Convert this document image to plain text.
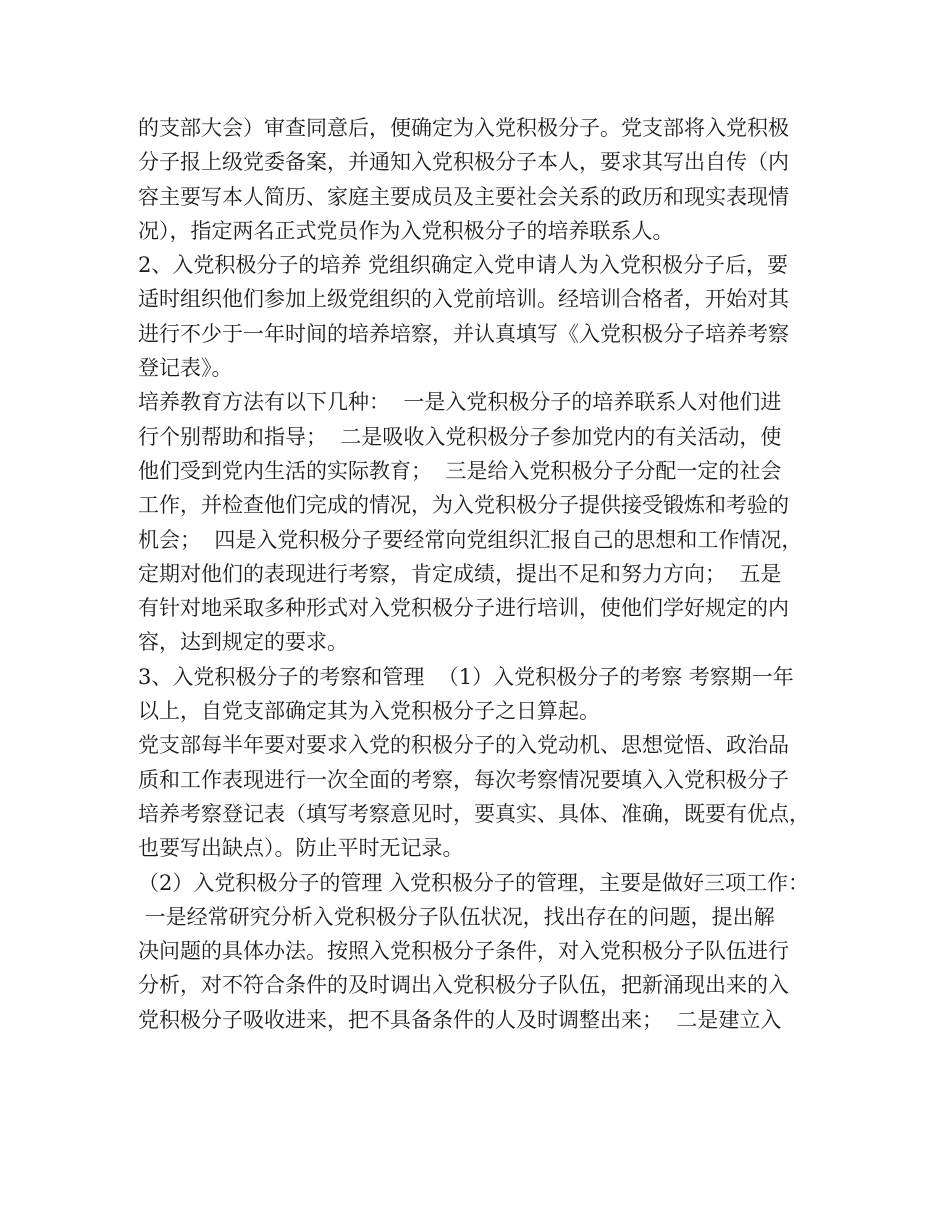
的支部大会）审查同意后，便确定为入党积极分子。党支部将入党积极
分子报上级党委备案，并通知入党积极分子本人，要求其写出自传（内
容主要写本人简历、家庭主要成员及主要社会关系的政历和现实表现情
况），指定两名正式党员作为入党积极分子的培养联系人。
2、入党积极分子的培养 党组织确定入党申请人为入党积极分子后，要
适时组织他们参加上级党组织的入党前培训。经培训合格者，开始对其
进行不少于一年时间的培养培察，并认真填写《入党积极分子培养考察
登记表》。
培养教育方法有以下几种：  一是入党积极分子的培养联系人对他们进
行个别帮助和指导；  二是吸收入党积极分子参加党内的有关活动，使
他们受到党内生活的实际教育；  三是给入党积极分子分配一定的社会
工作，并检查他们完成的情况，为入党积极分子提供接受锻炼和考验的
机会；  四是入党积极分子要经常向党组织汇报自己的思想和工作情况，
定期对他们的表现进行考察，肯定成绩，提出不足和努力方向；  五是
有针对地采取多种形式对入党积极分子进行培训，使他们学好规定的内
容，达到规定的要求。
3、入党积极分子的考察和管理  （1）入党积极分子的考察 考察期一年
以上，自党支部确定其为入党积极分子之日算起。
党支部每半年要对要求入党的积极分子的入党动机、思想觉悟、政治品
质和工作表现进行一次全面的考察，每次考察情况要填入入党积极分子
培养考察登记表（填写考察意见时，要真实、具体、准确，既要有优点，
也要写出缺点）。防止平时无记录。
（2）入党积极分子的管理 入党积极分子的管理，主要是做好三项工作：
一是经常研究分析入党积极分子队伍状况，找出存在的问题，提出解
决问题的具体办法。按照入党积极分子条件，对入党积极分子队伍进行
分析，对不符合条件的及时调出入党积极分子队伍，把新涌现出来的入
党积极分子吸收进来，把不具备条件的人及时调整出来；  二是建立入
